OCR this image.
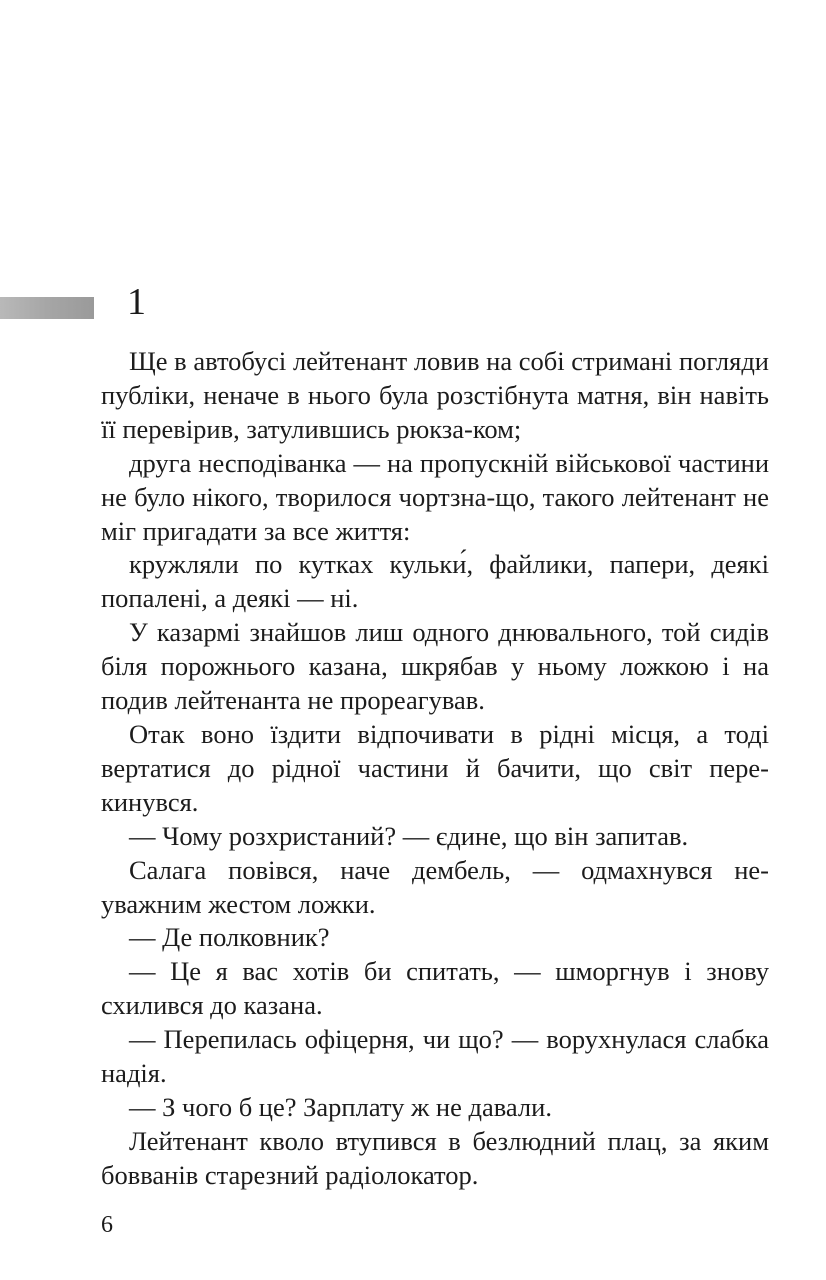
1

Ще в автобусі лейтенант ловив на собі стримані погляди публіки, неначе в нього була розстібнута матня, він навіть її перевірив, затулившись рюкза-ком;

друга несподіванка — на пропускній військової частини не було нікого, творилося чортзна-що, такого лейтенант не міг пригадати за все життя:

кружляли по кутках кульки́, файлики, папери, деякі попалені, а деякі — ні.

У казармі знайшов лиш одного днювального, той сидів біля порожнього казана, шкрябав у ньому ложкою і на подив лейтенанта не прореагував.

Отак воно їздити відпочивати в рідні місця, а тоді вертатися до рідної частини й бачити, що світ пере-кинувся.

— Чому розхристаний? — єдине, що він запитав.

Салага повівся, наче дембель, — одмахнувся не-уважним жестом ложки.

— Де полковник?

— Це я вас хотів би спитать, — шморгнув і знову схилився до казана.

— Перепилась офіцерня, чи що? — ворухнулася слабка надія.

— З чого б це? Зарплату ж не давали.

Лейтенант кволо втупився в безлюдний плац, за яким бовванів старезний радіолокатор.

6
